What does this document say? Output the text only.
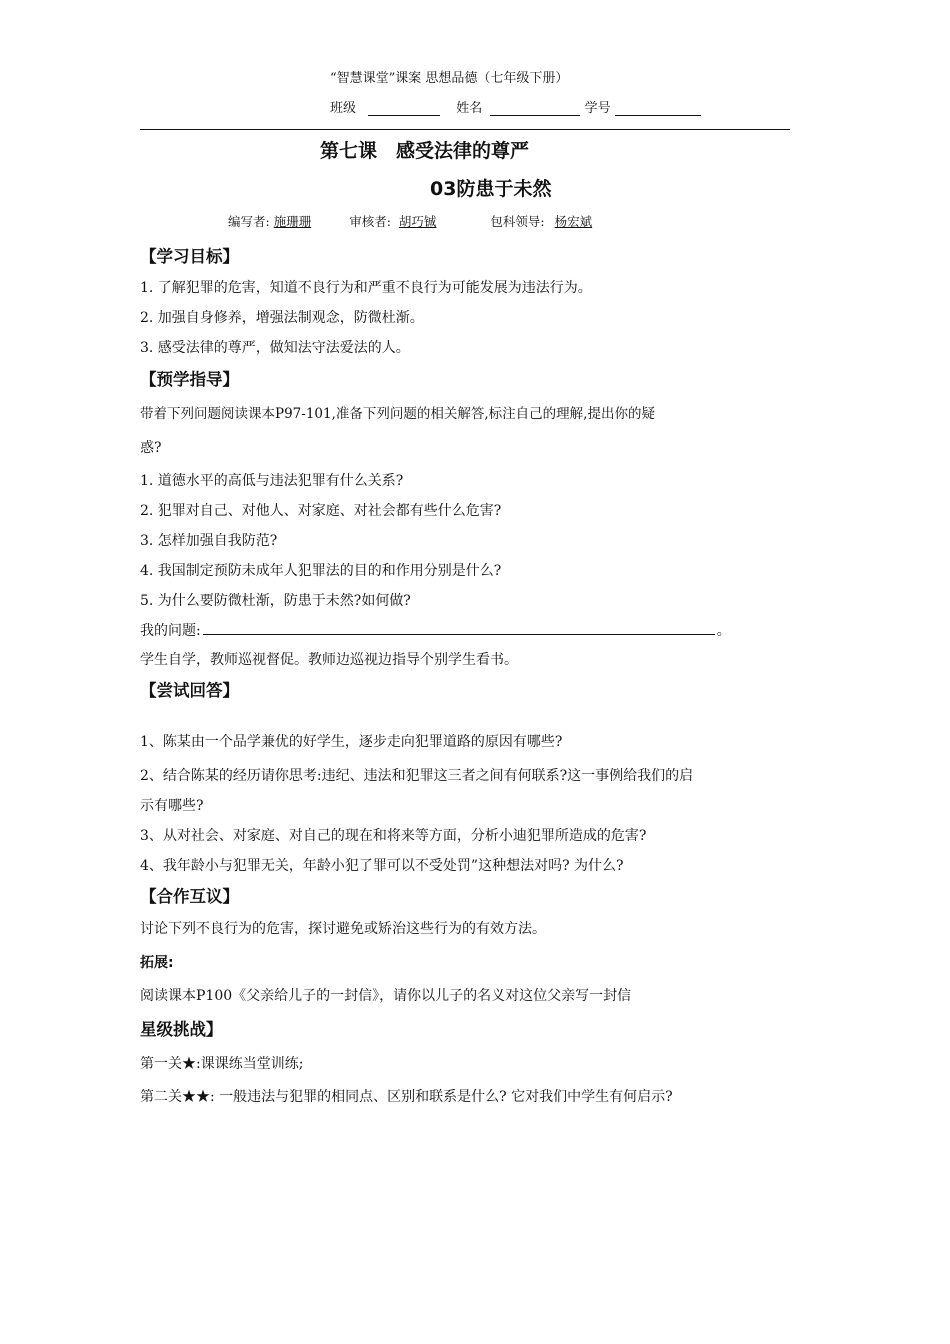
“智慧课堂”课案 思想品德（七年级下册）
班级	姓名	学号
第七课　感受法律的尊严
03防患于未然
编写者: 施珊珊	审核者: 胡巧铖	包科领导: 杨宏斌
【学习目标】
1. 了解犯罪的危害，知道不良行为和严重不良行为可能发展为违法行为。
2. 加强自身修养，增强法制观念，防微杜渐。
3. 感受法律的尊严，做知法守法爱法的人。
【预学指导】
带着下列问题阅读课本P97-101,准备下列问题的相关解答,标注自己的理解,提出你的疑
惑?
1. 道德水平的高低与违法犯罪有什么关系?
2. 犯罪对自己、对他人、对家庭、对社会都有些什么危害?
3. 怎样加强自我防范?
4. 我国制定预防未成年人犯罪法的目的和作用分别是什么?
5. 为什么要防微杜渐，防患于未然?如何做?
我的问题:	。
学生自学，教师巡视督促。教师边巡视边指导个别学生看书。
【尝试回答】
1、陈某由一个品学兼优的好学生，逐步走向犯罪道路的原因有哪些?
2、结合陈某的经历请你思考:违纪、违法和犯罪这三者之间有何联系?这一事例给我们的启
示有哪些?
3、从对社会、对家庭、对自己的现在和将来等方面，分析小迪犯罪所造成的危害?
4、我年龄小与犯罪无关，年龄小犯了罪可以不受处罚”这种想法对吗? 为什么?
【合作互议】
讨论下列不良行为的危害，探讨避免或矫治这些行为的有效方法。
拓展:
阅读课本P100《父亲给儿子的一封信》，请你以儿子的名义对这位父亲写一封信
星级挑战】
第一关★:课课练当堂训练;
第二关★★: 一般违法与犯罪的相同点、区别和联系是什么? 它对我们中学生有何启示?
